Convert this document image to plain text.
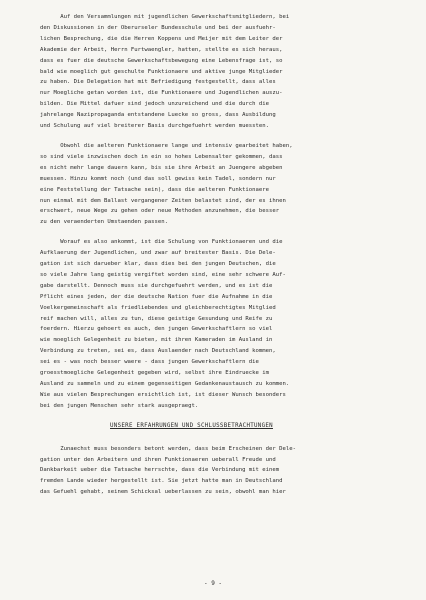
Auf den Versammlungen mit jugendlichen Gewerkschaftsmitgliedern, bei
den Diskussionen in der Oberurseler Bundesschule und bei der ausfuehr-
lichen Besprechung, die die Herren Koppens und Meijer mit dem Leiter der
Akademie der Arbeit, Herrn Furtwaengler, hatten, stellte es sich heraus,
dass es fuer die deutsche Gewerkschaftsbewegung eine Lebensfrage ist, so
bald wie moeglich gut geschulte Funktionaere und aktive junge Mitglieder
zu haben. Die Delegation hat mit Befriedigung festgestellt, dass alles
nur Moegliche getan worden ist, die Funktionaere und Jugendlichen auszu-
bilden. Die Mittel dafuer sind jedoch unzureichend und die durch die
jahrelange Nazipropaganda entstandene Luecke so gross, dass Ausbildung
und Schulung auf viel breiterer Basis durchgefuehrt werden muessten.
Obwohl die aelteren Funktionaere lange und intensiv gearbeitet haben,
so sind viele inzwischen doch in ein so hohes Lebensalter gekommen, dass
es nicht mehr lange dauern kann, bis sie ihre Arbeit an Juengere abgeben
muessen. Hinzu kommt noch (und das soll gewiss kein Tadel, sondern nur
eine Feststellung der Tatsache sein), dass die aelteren Funktionaere
nun einmal mit dem Ballast vergangener Zeiten belastet sind, der es ihnen
erschwert, neue Wege zu gehen oder neue Methoden anzunehmen, die besser
zu den veraenderten Umstaenden passen.
Worauf es also ankommt, ist die Schulung von Funktionaeren und die
Aufklaerung der Jugendlichen, und zwar auf breitester Basis. Die Dele-
gation ist sich darueber klar, dass dies bei den jungen Deutschen, die
so viele Jahre lang geistig vergiftet worden sind, eine sehr schwere Auf-
gabe darstellt. Dennoch muss sie durchgefuehrt werden, und es ist die
Pflicht eines jeden, der die deutsche Nation fuer die Aufnahme in die
Voelkergemeinschaft als friedliebendes und gleichberechtigtes Mitglied
reif machen will, alles zu tun, diese geistige Gesundung und Reife zu
foerdern. Hierzu gehoert es auch, den jungen Gewerkschaftlern so viel
wie moeglich Gelegenheit zu bieten, mit ihren Kameraden im Ausland in
Verbindung zu treten, sei es, dass Auslaender nach Deutschland kommen,
sei es - was noch besser waere - dass jungen Gewerkschaftlern die
groesstmoegliche Gelegenheit gegeben wird, selbst ihre Eindruecke im
Ausland zu sammeln und zu einem gegenseitigen Gedankenaustausch zu kommen.
Wie aus vielen Besprechungen ersichtlich ist, ist dieser Wunsch besonders
bei den jungen Menschen sehr stark ausgepraegt.
UNSERE ERFAHRUNGEN UND SCHLUSSBETRACHTUNGEN
Zunaechst muss besonders betont werden, dass beim Erscheinen der Dele-
gation unter den Arbeitern und ihren Funktionaeren ueberall Freude und
Dankbarkeit ueber die Tatsache herrschte, dass die Verbindung mit einem
fremden Lande wieder hergestellt ist. Sie jetzt hatte man in Deutschland
das Gefuehl gehabt, seinem Schicksal ueberlassen zu sein, obwohl man hier
- 9 -
